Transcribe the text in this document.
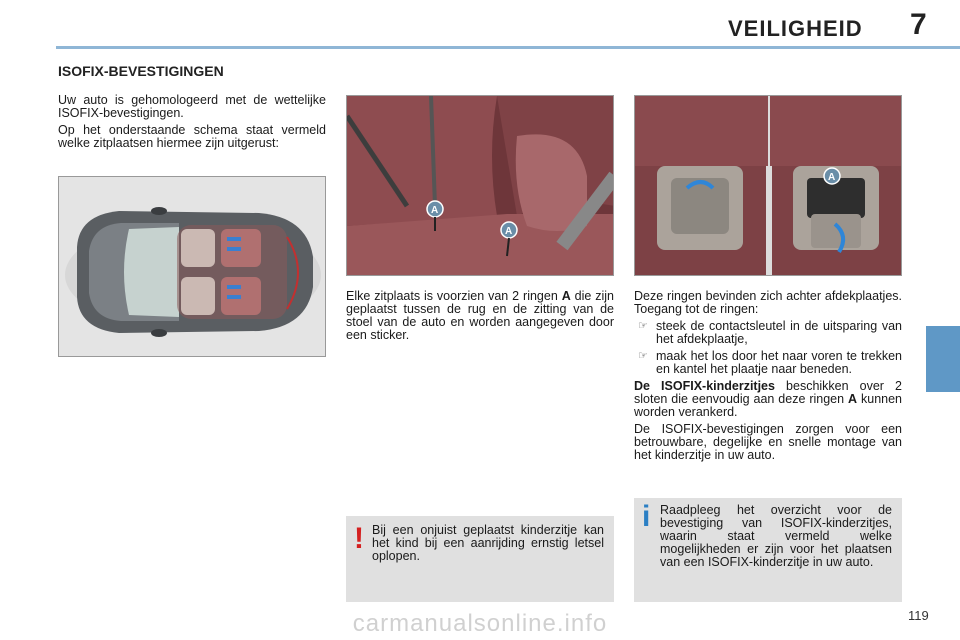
VEILIGHEID 7
ISOFIX-BEVESTIGINGEN

Uw auto is gehomologeerd met de wettelijke ISOFIX-bevestigingen.

Op het onderstaande schema staat vermeld welke zitplaatsen hiermee zijn uitgerust:

A
A
A

Elke zitplaats is voorzien van 2 ringen A die zijn geplaatst tussen de rug en de zitting van de stoel van de auto en worden aangegeven door een sticker.

Deze ringen bevinden zich achter afdekplaatjes. Toegang tot de ringen:

☞ steek de contactsleutel in de uitsparing van het afdekplaatje,
☞ maak het los door het naar voren te trekken en kantel het plaatje naar beneden.

De ISOFIX-kinderzitjes beschikken over 2 sloten die eenvoudig aan deze ringen A kunnen worden verankerd.

De ISOFIX-bevestigingen zorgen voor een betrouwbare, degelijke en snelle montage van het kinderzitje in uw auto.

! Bij een onjuist geplaatst kinderzitje kan het kind bij een aanrijding ernstig letsel oplopen.
i Raadpleeg het overzicht voor de bevestiging van ISOFIX-kinderzitjes, waarin staat vermeld welke mogelijkheden er zijn voor het plaatsen van een ISOFIX-kinderzitje in uw auto.
119
carmanualsonline.info
